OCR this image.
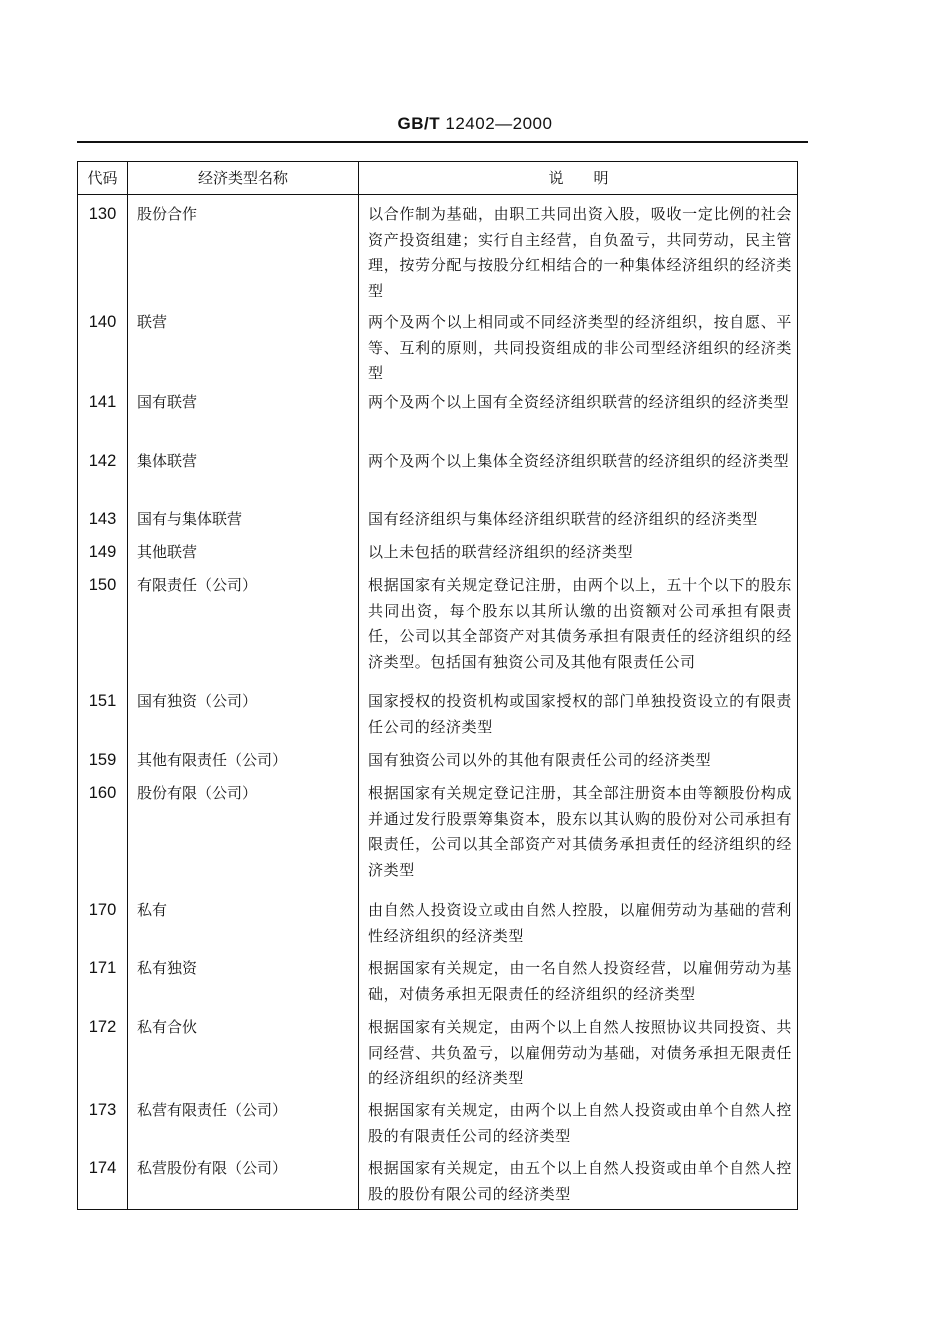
GB/T 12402—2000
代码	经济类型名称	说明
130	股份合作	以合作制为基础，由职工共同出资入股，吸收一定比例的社会资产投资组建；实行自主经营，自负盈亏，共同劳动，民主管理，按劳分配与按股分红相结合的一种集体经济组织的经济类型
140	联营	两个及两个以上相同或不同经济类型的经济组织，按自愿、平等、互利的原则，共同投资组成的非公司型经济组织的经济类型
141	国有联营	两个及两个以上国有全资经济组织联营的经济组织的经济类型
142	集体联营	两个及两个以上集体全资经济组织联营的经济组织的经济类型
143	国有与集体联营	国有经济组织与集体经济组织联营的经济组织的经济类型
149	其他联营	以上未包括的联营经济组织的经济类型
150	有限责任（公司）	根据国家有关规定登记注册，由两个以上，五十个以下的股东共同出资，每个股东以其所认缴的出资额对公司承担有限责任，公司以其全部资产对其债务承担有限责任的经济组织的经济类型。包括国有独资公司及其他有限责任公司
151	国有独资（公司）	国家授权的投资机构或国家授权的部门单独投资设立的有限责任公司的经济类型
159	其他有限责任（公司）	国有独资公司以外的其他有限责任公司的经济类型
160	股份有限（公司）	根据国家有关规定登记注册，其全部注册资本由等额股份构成并通过发行股票筹集资本，股东以其认购的股份对公司承担有限责任，公司以其全部资产对其债务承担责任的经济组织的经济类型
170	私有	由自然人投资设立或由自然人控股，以雇佣劳动为基础的营利性经济组织的经济类型
171	私有独资	根据国家有关规定，由一名自然人投资经营，以雇佣劳动为基础，对债务承担无限责任的经济组织的经济类型
172	私有合伙	根据国家有关规定，由两个以上自然人按照协议共同投资、共同经营、共负盈亏，以雇佣劳动为基础，对债务承担无限责任的经济组织的经济类型
173	私营有限责任（公司）	根据国家有关规定，由两个以上自然人投资或由单个自然人控股的有限责任公司的经济类型
174	私营股份有限（公司）	根据国家有关规定，由五个以上自然人投资或由单个自然人控股的股份有限公司的经济类型
